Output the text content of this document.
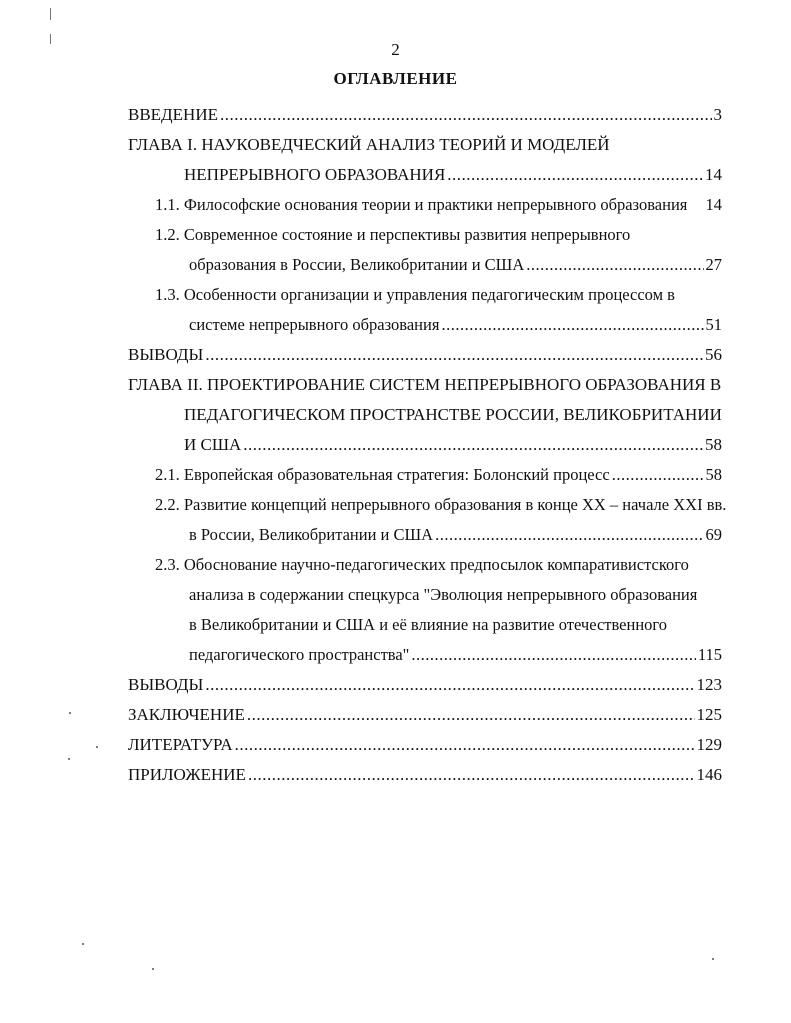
2
ОГЛАВЛЕНИЕ
ВВЕДЕНИЕ .....	3
ГЛАВА I. НАУКОВЕДЧЕСКИЙ АНАЛИЗ ТЕОРИЙ И МОДЕЛЕЙ
НЕПРЕРЫВНОГО ОБРАЗОВАНИЯ .....	14
1.1. Философские основания теории и практики непрерывного образования 14
1.2. Современное состояние и перспективы развития непрерывного
образования в России, Великобритании и США .....	27
1.3. Особенности организации и управления педагогическим процессом в
системе непрерывного образования .....	51
ВЫВОДЫ .....	56
ГЛАВА II. ПРОЕКТИРОВАНИЕ СИСТЕМ НЕПРЕРЫВНОГО ОБРАЗОВАНИЯ В
ПЕДАГОГИЧЕСКОМ ПРОСТРАНСТВЕ РОССИИ, ВЕЛИКОБРИТАНИИ
И США .....	58
2.1. Европейская образовательная стратегия: Болонский процесс .....	58
2.2. Развитие концепций непрерывного образования в конце XX – начале XXI вв.
в России, Великобритании и США .....	69
2.3. Обоснование научно-педагогических предпосылок компаративистского
анализа в содержании спецкурса "Эволюция непрерывного образования
в Великобритании и США и её влияние на развитие отечественного
педагогического пространства" .....	115
ВЫВОДЫ .....	123
ЗАКЛЮЧЕНИЕ .....	125
ЛИТЕРАТУРА .....	129
ПРИЛОЖЕНИЕ .....	146
